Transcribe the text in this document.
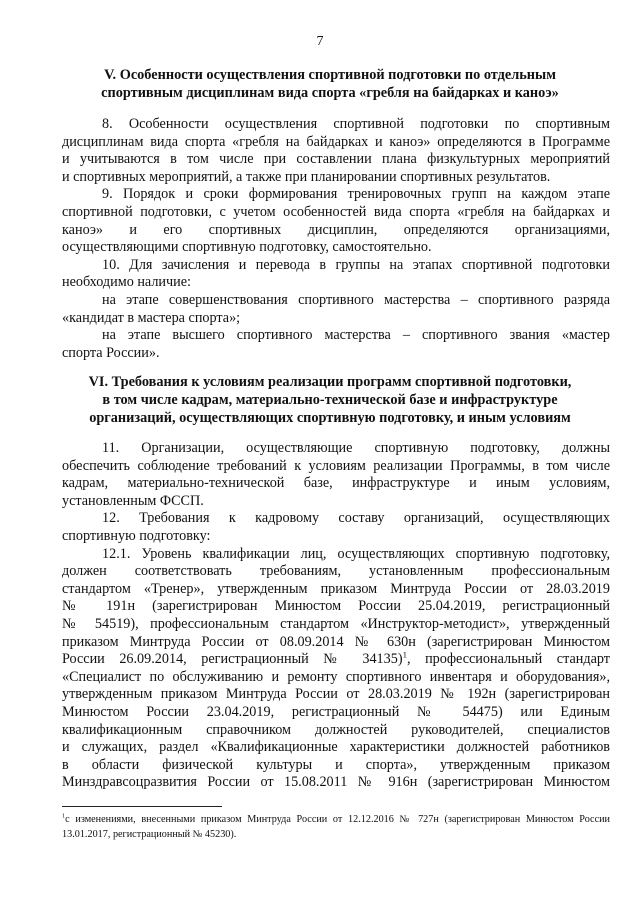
7
V. Особенности осуществления спортивной подготовки по отдельным
спортивным дисциплинам вида спорта «гребля на байдарках и каноэ»
8. Особенности осуществления спортивной подготовки по спортивным
дисциплинам вида спорта «гребля на байдарках и каноэ» определяются в Программе
и учитываются в том числе при составлении плана физкультурных мероприятий
и спортивных мероприятий, а также при планировании спортивных результатов.
9. Порядок и сроки формирования тренировочных групп на каждом этапе
спортивной подготовки, с учетом особенностей вида спорта «гребля на байдарках и
каноэ» и его спортивных дисциплин, определяются организациями,
осуществляющими спортивную подготовку, самостоятельно.
10. Для зачисления и перевода в группы на этапах спортивной подготовки
необходимо наличие:
на этапе совершенствования спортивного мастерства – спортивного разряда
«кандидат в мастера спорта»;
на этапе высшего спортивного мастерства – спортивного звания «мастер
спорта России».
VI. Требования к условиям реализации программ спортивной подготовки,
в том числе кадрам, материально-технической базе и инфраструктуре
организаций, осуществляющих спортивную подготовку, и иным условиям
11. Организации, осуществляющие спортивную подготовку, должны
обеспечить соблюдение требований к условиям реализации Программы, в том числе
кадрам, материально-технической базе, инфраструктуре и иным условиям,
установленным ФССП.
12. Требования к кадровому составу организаций, осуществляющих
спортивную подготовку:
12.1. Уровень квалификации лиц, осуществляющих спортивную подготовку,
должен соответствовать требованиям, установленным профессиональным
стандартом «Тренер», утвержденным приказом Минтруда России от 28.03.2019
№ 191н (зарегистрирован Минюстом России 25.04.2019, регистрационный
№ 54519), профессиональным стандартом «Инструктор-методист», утвержденный
приказом Минтруда России от 08.09.2014 № 630н (зарегистрирован Минюстом
России 26.09.2014, регистрационный № 34135)$^1$, профессиональный стандарт
«Специалист по обслуживанию и ремонту спортивного инвентаря и оборудования»,
утвержденным приказом Минтруда России от 28.03.2019 № 192н (зарегистрирован
Минюстом России 23.04.2019, регистрационный № 54475) или Единым
квалификационным справочником должностей руководителей, специалистов
и служащих, раздел «Квалификационные характеристики должностей работников
в области физической культуры и спорта», утвержденным приказом
Минздравсоцразвития России от 15.08.2011 № 916н (зарегистрирован Минюстом
$^1$с изменениями, внесенными приказом Минтруда России от 12.12.2016 № 727н (зарегистрирован Минюстом России
13.01.2017, регистрационный № 45230).
